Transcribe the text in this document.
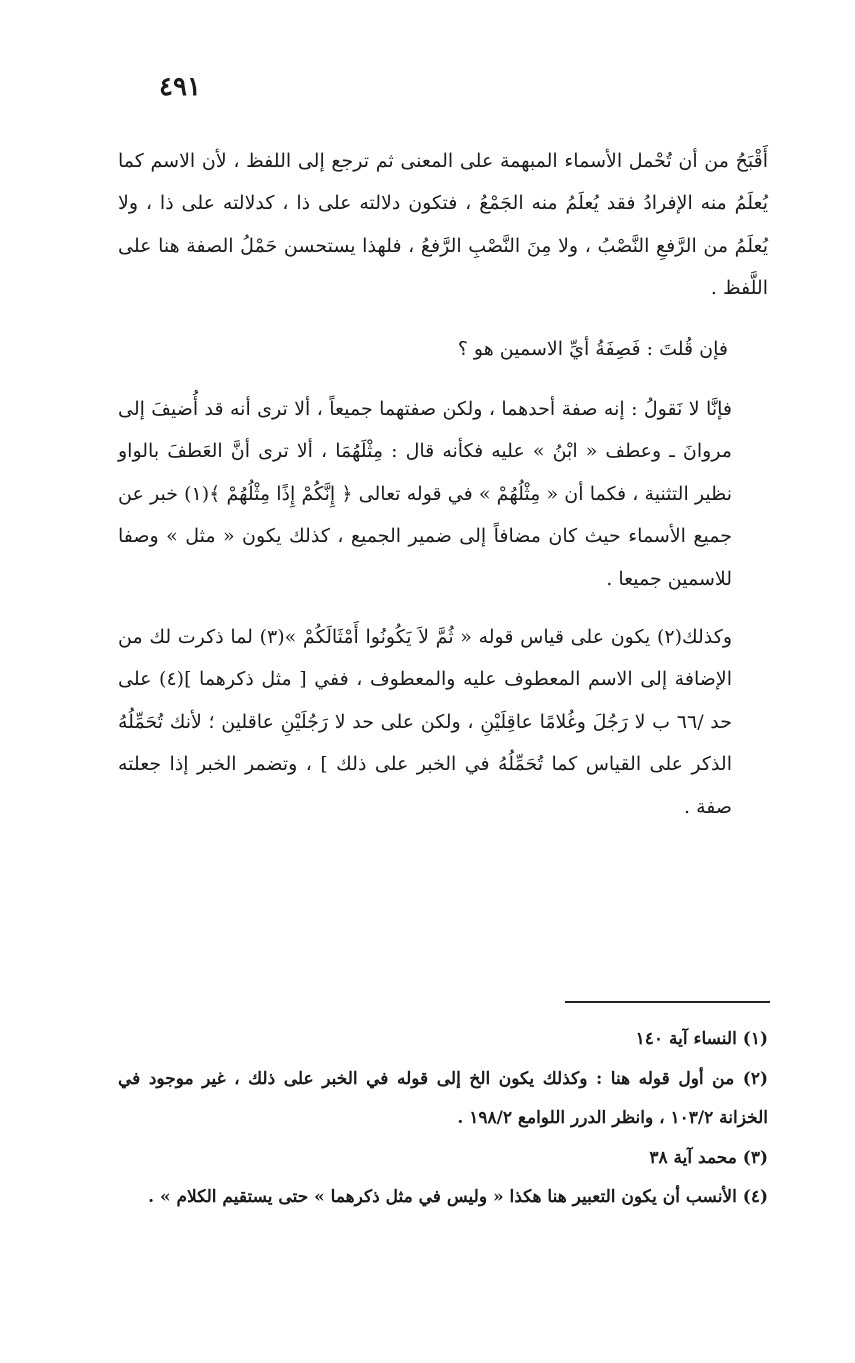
٤٩١

أَقْبَحُ من أن تُحْمل الأسماء المبهمة على المعنى ثم ترجع إلى اللفظ ، لأن الاسم كما يُعلَمُ منه الإفرادُ فقد يُعلَمُ منه الجَمْعُ ، فتكون دلالته على ذا ، كدلالته على ذا ، ولا يُعلَمُ من الرَّفعِ النَّصْبُ ، ولا مِنَ النَّصْبِ الرَّفعُ ، فلهذا يستحسن حَمْلُ الصفة هنا على اللَّفظ .

فإن قُلتَ : فَصِفَةُ أيِّ الاسمين هو ؟

فإنَّا لا نَقولُ : إنه صفة أحدهما ، ولكن صفتهما جميعاً ، ألا ترى أنه قد أُضيفَ إلى مروانَ ـ وعطف « ابْنُ » عليه فكأنه قال : مِثْلَهُمَا ، ألا ترى أنَّ العَطفَ بالواو نظير التثنية ، فكما أن « مِثْلُهُمْ » في قوله تعالى ﴿ إِنَّكُمْ إِذًا مِثْلُهُمْ ﴾(١) خبر عن جميع الأسماء حيث كان مضافاً إلى ضمير الجميع ، كذلك يكون « مثل » وصفا للاسمين جميعا .

وكذلك(٢) يكون على قياس قوله « ثُمَّ لاَ يَكُونُوا أَمْثَالَكُمْ »(٣) لما ذكرت لك من الإضافة إلى الاسم المعطوف عليه والمعطوف ، ففي [ مثل ذكرهما ](٤) على حد /٦٦ ب لا رَجُلَ وغُلامًا عاقِلَيْنِ ، ولكن على حد لا رَجُلَيْنِ عاقلين ؛ لأنك تُحَمِّلُهُ الذكر على القياس كما تُحَمِّلُهُ في الخبر على ذلك ] ، وتضمر الخبر إذا جعلته صفة .

(١) النساء آية ١٤٠

(٢) من أول قوله هنا : وكذلك يكون الخ إلى قوله في الخبر على ذلك ، غير موجود في الخزانة ١٠٣/٢ ، وانظر الدرر اللوامع ١٩٨/٢ .

(٣) محمد آية ٣٨

(٤) الأنسب أن يكون التعبير هنا هكذا « وليس في مثل ذكرهما » حتى يستقيم الكلام » .
